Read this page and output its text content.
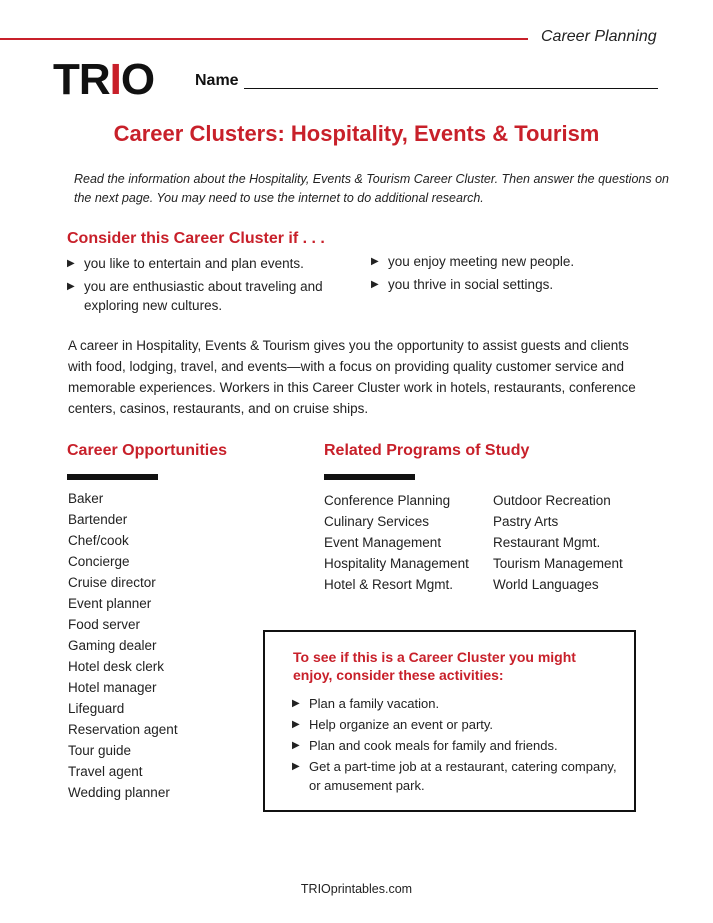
Career Planning
TRIO	Name
Career Clusters: Hospitality, Events & Tourism

Read the information about the Hospitality, Events & Tourism Career Cluster. Then answer the questions on the next page. You may need to use the internet to do additional research.

Consider this Career Cluster if . . .
▶ you like to entertain and plan events.
▶ you are enthusiastic about traveling and exploring new cultures.
▶ you enjoy meeting new people.
▶ you thrive in social settings.

A career in Hospitality, Events & Tourism gives you the opportunity to assist guests and clients with food, lodging, travel, and events—with a focus on providing quality customer service and memorable experiences. Workers in this Career Cluster work in hotels, restaurants, conference centers, casinos, restaurants, and on cruise ships.

Career Opportunities
Baker
Bartender
Chef/cook
Concierge
Cruise director
Event planner
Food server
Gaming dealer
Hotel desk clerk
Hotel manager
Lifeguard
Reservation agent
Tour guide
Travel agent
Wedding planner
Related Programs of Study
Conference Planning
Culinary Services
Event Management
Hospitality Management
Hotel & Resort Mgmt.
Outdoor Recreation
Pastry Arts
Restaurant Mgmt.
Tourism Management
World Languages
To see if this is a Career Cluster you might enjoy, consider these activities:
▶ Plan a family vacation.
▶ Help organize an event or party.
▶ Plan and cook meals for family and friends.
▶ Get a part-time job at a restaurant, catering company, or amusement park.
TRIOprintables.com
